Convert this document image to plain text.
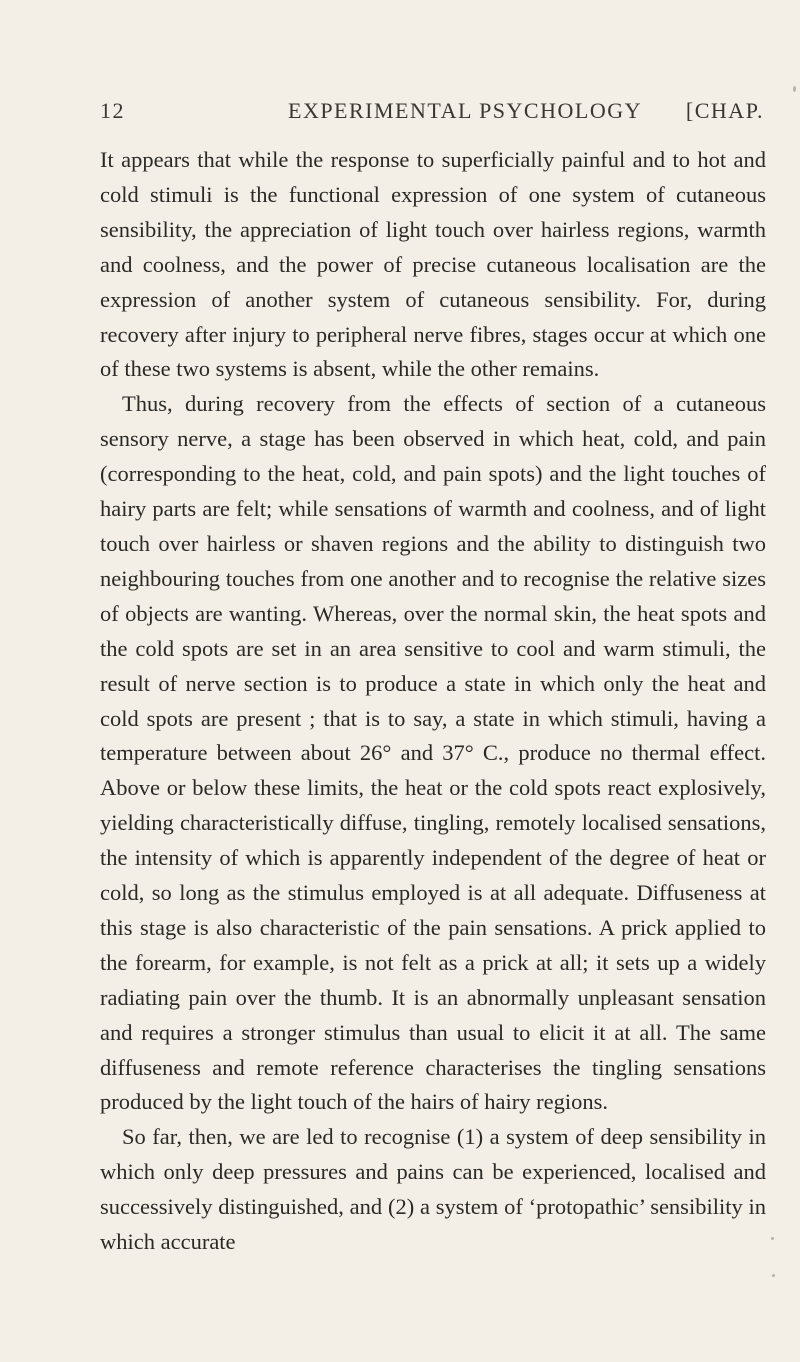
12	EXPERIMENTAL PSYCHOLOGY [CHAP.

It appears that while the response to superficially painful and to hot and cold stimuli is the functional expression of one system of cutaneous sensibility, the appreciation of light touch over hairless regions, warmth and coolness, and the power of precise cutaneous localisation are the expression of another system of cutaneous sensibility. For, during recovery after injury to peripheral nerve fibres, stages occur at which one of these two systems is absent, while the other remains.

Thus, during recovery from the effects of section of a cutaneous sensory nerve, a stage has been observed in which heat, cold, and pain (corresponding to the heat, cold, and pain spots) and the light touches of hairy parts are felt; while sensations of warmth and coolness, and of light touch over hairless or shaven regions and the ability to distinguish two neighbouring touches from one another and to recognise the relative sizes of objects are wanting. Whereas, over the normal skin, the heat spots and the cold spots are set in an area sensitive to cool and warm stimuli, the result of nerve section is to produce a state in which only the heat and cold spots are present ; that is to say, a state in which stimuli, having a temperature between about 26° and 37° C., produce no thermal effect. Above or below these limits, the heat or the cold spots react explosively, yielding characteristically diffuse, tingling, remotely localised sensations, the intensity of which is apparently independent of the degree of heat or cold, so long as the stimulus employed is at all adequate. Diffuseness at this stage is also characteristic of the pain sensations. A prick applied to the forearm, for example, is not felt as a prick at all; it sets up a widely radiating pain over the thumb. It is an abnormally unpleasant sensation and requires a stronger stimulus than usual to elicit it at all. The same diffuseness and remote reference characterises the tingling sensations produced by the light touch of the hairs of hairy regions.

So far, then, we are led to recognise (1) a system of deep sensibility in which only deep pressures and pains can be experienced, localised and successively distinguished, and (2) a system of ‘protopathic’ sensibility in which accurate
